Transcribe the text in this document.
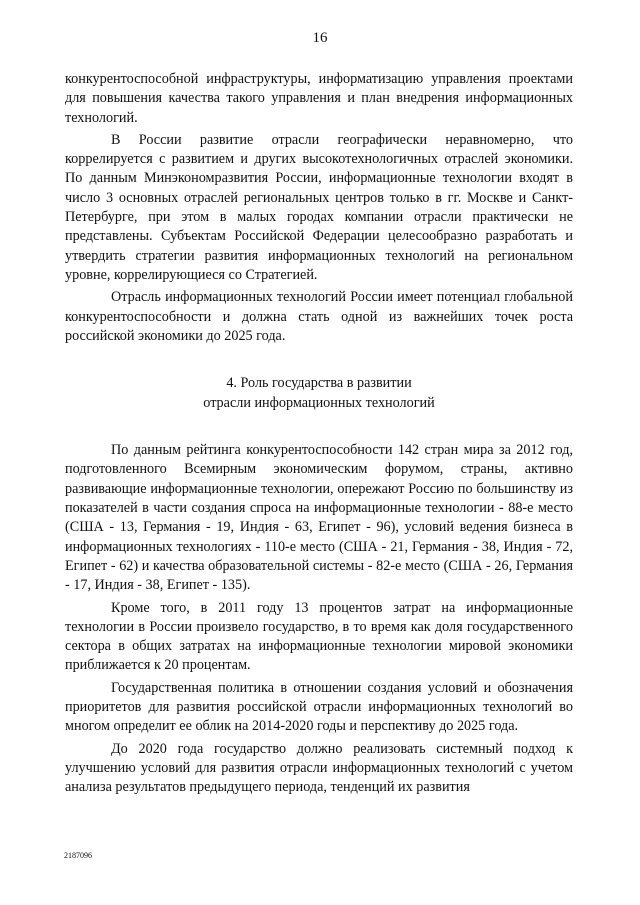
16

конкурентоспособной инфраструктуры, информатизацию управления проектами для повышения качества такого управления и план внедрения информационных технологий.

В России развитие отрасли географически неравномерно, что коррелируется с развитием и других высокотехнологичных отраслей экономики. По данным Минэкономразвития России, информационные технологии входят в число 3 основных отраслей региональных центров только в гг. Москве и Санкт-Петербурге, при этом в малых городах компании отрасли практически не представлены. Субъектам Российской Федерации целесообразно разработать и утвердить стратегии развития информационных технологий на региональном уровне, коррелирующиеся со Стратегией.

Отрасль информационных технологий России имеет потенциал глобальной конкурентоспособности и должна стать одной из важнейших точек роста российской экономики до 2025 года.

4. Роль государства в развитии
отрасли информационных технологий

По данным рейтинга конкурентоспособности 142 стран мира за 2012 год, подготовленного Всемирным экономическим форумом, страны, активно развивающие информационные технологии, опережают Россию по большинству из показателей в части создания спроса на информационные технологии - 88-е место (США - 13, Германия - 19, Индия - 63, Египет - 96), условий ведения бизнеса в информационных технологиях - 110-е место (США - 21, Германия - 38, Индия - 72, Египет - 62) и качества образовательной системы - 82-е место (США - 26, Германия - 17, Индия - 38, Египет - 135).

Кроме того, в 2011 году 13 процентов затрат на информационные технологии в России произвело государство, в то время как доля государственного сектора в общих затратах на информационные технологии мировой экономики приближается к 20 процентам.

Государственная политика в отношении создания условий и обозначения приоритетов для развития российской отрасли информационных технологий во многом определит ее облик на 2014-2020 годы и перспективу до 2025 года.

До 2020 года государство должно реализовать системный подход к улучшению условий для развития отрасли информационных технологий с учетом анализа результатов предыдущего периода, тенденций их развития

2187096
